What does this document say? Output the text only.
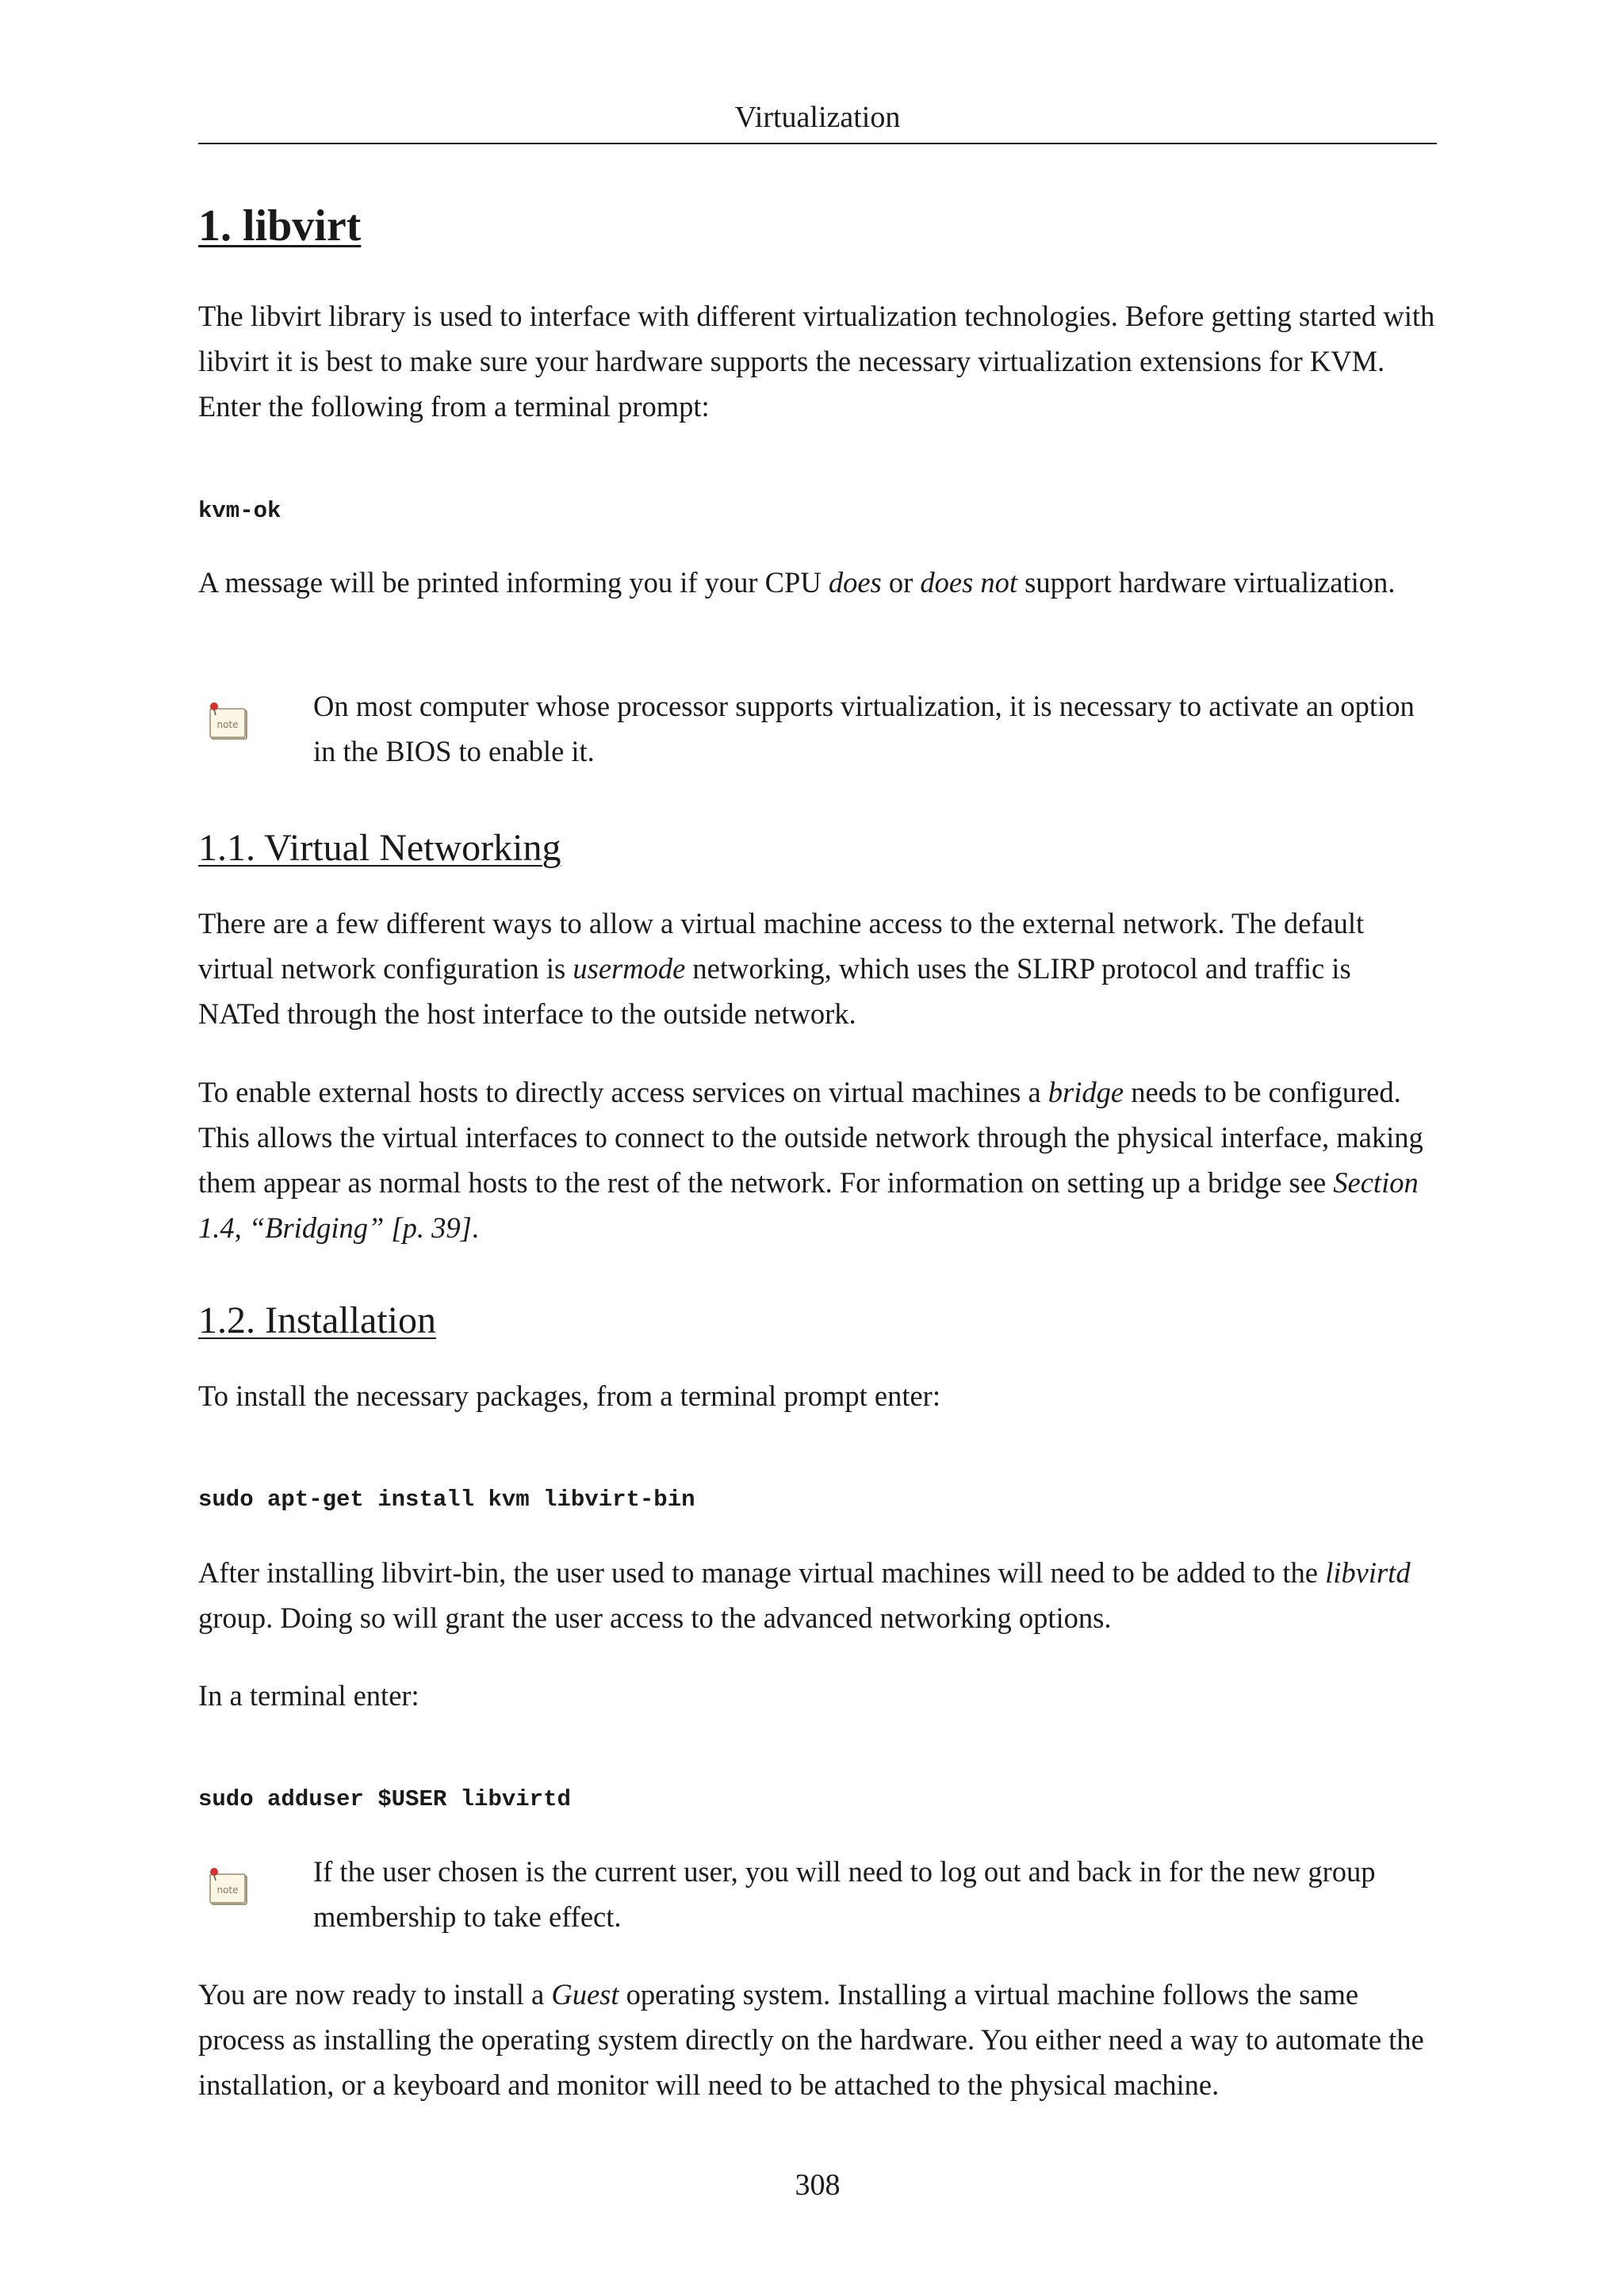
Virtualization
1. libvirt

The libvirt library is used to interface with different virtualization technologies. Before getting started with libvirt it is best to make sure your hardware supports the necessary virtualization extensions for KVM. Enter the following from a terminal prompt:

kvm-ok

A message will be printed informing you if your CPU does or does not support hardware virtualization.

note

On most computer whose processor supports virtualization, it is necessary to activate an option in the BIOS to enable it.

1.1. Virtual Networking

There are a few different ways to allow a virtual machine access to the external network. The default virtual network configuration is usermode networking, which uses the SLIRP protocol and traffic is NATed through the host interface to the outside network.

To enable external hosts to directly access services on virtual machines a bridge needs to be configured. This allows the virtual interfaces to connect to the outside network through the physical interface, making them appear as normal hosts to the rest of the network. For information on setting up a bridge see Section 1.4, “Bridging” [p. 39].

1.2. Installation

To install the necessary packages, from a terminal prompt enter:

sudo apt-get install kvm libvirt-bin

After installing libvirt-bin, the user used to manage virtual machines will need to be added to the libvirtd group. Doing so will grant the user access to the advanced networking options.

In a terminal enter:

sudo adduser $USER libvirtd
note

If the user chosen is the current user, you will need to log out and back in for the new group membership to take effect.

You are now ready to install a Guest operating system. Installing a virtual machine follows the same process as installing the operating system directly on the hardware. You either need a way to automate the installation, or a keyboard and monitor will need to be attached to the physical machine.

308
